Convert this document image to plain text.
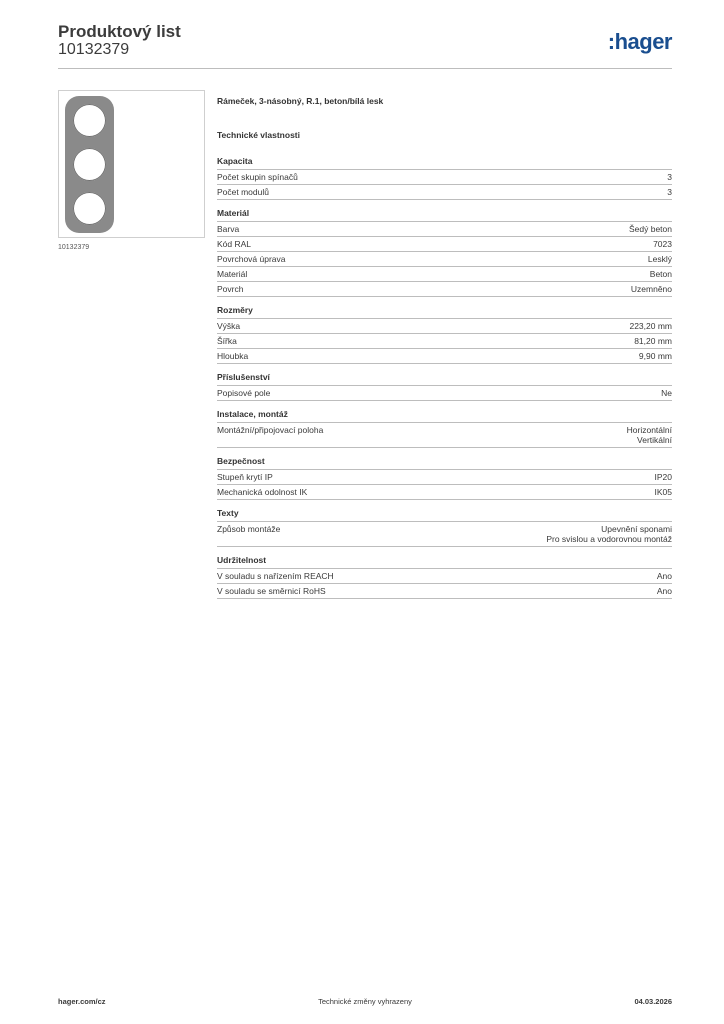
Produktový list
10132379	:hager
10132379
Rámeček, 3-násobný, R.1, beton/bílá lesk
Technické vlastnosti
Kapacita
Počet skupin spínačů	3
Počet modulů	3
Materiál
Barva	Šedý beton
Kód RAL	7023
Povrchová úprava	Lesklý
Materiál	Beton
Povrch	Uzemněno
Rozměry
Výška	223,20 mm
Šířka	81,20 mm
Hloubka	9,90 mm
Příslušenství
Popisové pole	Ne
Instalace, montáž
Montážní/připojovací poloha	Horizontální
Vertikální
Bezpečnost
Stupeň krytí IP	IP20
Mechanická odolnost IK	IK05
Texty
Způsob montáže	Upevnění sponami
Pro svislou a vodorovnou montáž
Udržitelnost
V souladu s nařízením REACH	Ano
V souladu se směrnicí RoHS	Ano
hager.com/cz	Technické změny vyhrazeny	04.03.2026
